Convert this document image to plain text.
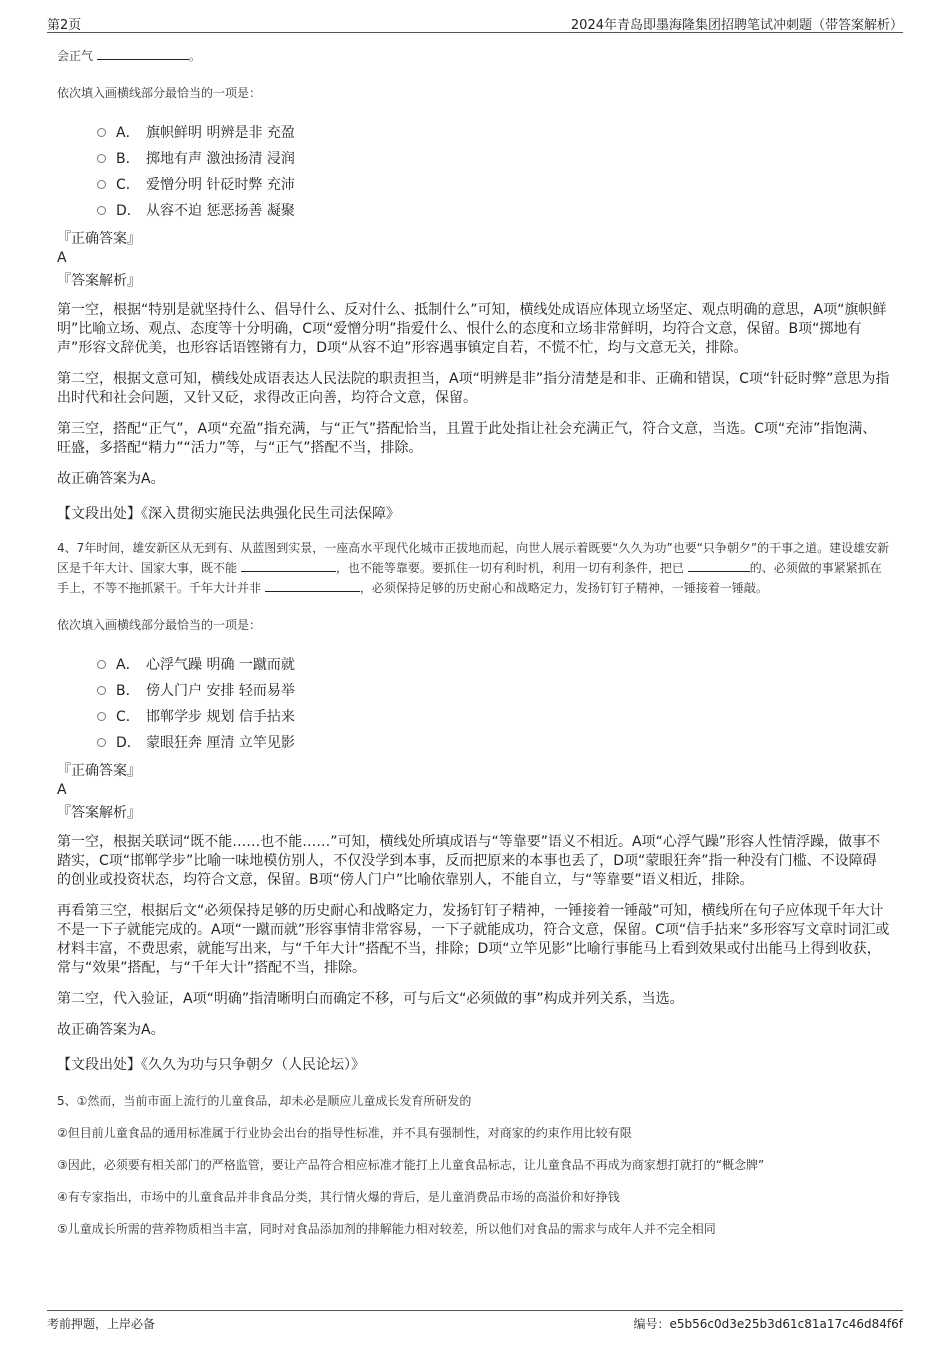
第2页	2024年青岛即墨海隆集团招聘笔试冲刺题（带答案解析）
会正气	。
依次填入画横线部分最恰当的一项是：
A． 旗帜鲜明 明辨是非 充盈
B． 掷地有声 激浊扬清 浸润
C． 爱憎分明 针砭时弊 充沛
D． 从容不迫 惩恶扬善 凝聚
『正确答案』
A
『答案解析』
第一空，根据“特别是就坚持什么、倡导什么、反对什么、抵制什么”可知，横线处成语应体现立场坚定、观点明确的意思，A项“旗帜鲜明”比喻立场、观点、态度等十分明确，C项“爱憎分明”指爱什么、恨什么的态度和立场非常鲜明，均符合文意，保留。B项“掷地有声”形容文辞优美，也形容话语铿锵有力，D项“从容不迫”形容遇事镇定自若，不慌不忙，均与文意无关，排除。
第二空，根据文意可知，横线处成语表达人民法院的职责担当，A项“明辨是非”指分清楚是和非、正确和错误，C项“针砭时弊”意思为指出时代和社会问题，又针又砭，求得改正向善，均符合文意，保留。
第三空，搭配“正气”，A项“充盈”指充满，与“正气”搭配恰当，且置于此处指让社会充满正气，符合文意，当选。C项“充沛”指饱满、旺盛，多搭配“精力”“活力”等，与“正气”搭配不当，排除。
故正确答案为A。
【文段出处】《深入贯彻实施民法典强化民生司法保障》
4、7年时间，雄安新区从无到有、从蓝图到实景，一座高水平现代化城市正拔地而起，向世人展示着既要“久久为功”也要“只争朝夕”的干事之道。建设雄安新区是千年大计、国家大事，既不能	，也不能等靠要。要抓住一切有利时机，利用一切有利条件，把已	的、必须做的事紧紧抓在手上，不等不拖抓紧干。千年大计并非	，必须保持足够的历史耐心和战略定力，发扬钉钉子精神，一锤接着一锤敲。
依次填入画横线部分最恰当的一项是：
A． 心浮气躁 明确 一蹴而就
B． 傍人门户 安排 轻而易举
C． 邯郸学步 规划 信手拈来
D． 蒙眼狂奔 厘清 立竿见影
『正确答案』
A
『答案解析』
第一空，根据关联词“既不能……也不能……”可知，横线处所填成语与“等靠要”语义不相近。A项“心浮气躁”形容人性情浮躁，做事不踏实，C项“邯郸学步”比喻一味地模仿别人，不仅没学到本事，反而把原来的本事也丢了，D项“蒙眼狂奔”指一种没有门槛、不设障碍的创业或投资状态，均符合文意，保留。B项“傍人门户”比喻依靠别人，不能自立，与“等靠要”语义相近，排除。
再看第三空，根据后文“必须保持足够的历史耐心和战略定力，发扬钉钉子精神，一锤接着一锤敲”可知，横线所在句子应体现千年大计不是一下子就能完成的。A项“一蹴而就”形容事情非常容易，一下子就能成功，符合文意，保留。C项“信手拈来”多形容写文章时词汇或材料丰富，不费思索，就能写出来，与“千年大计”搭配不当，排除；D项“立竿见影”比喻行事能马上看到效果或付出能马上得到收获，常与“效果”搭配，与“千年大计”搭配不当，排除。
第二空，代入验证，A项“明确”指清晰明白而确定不移，可与后文“必须做的事”构成并列关系，当选。
故正确答案为A。
【文段出处】《久久为功与只争朝夕（人民论坛）》
5、①然而，当前市面上流行的儿童食品，却未必是顺应儿童成长发育所研发的
②但目前儿童食品的通用标准属于行业协会出台的指导性标准，并不具有强制性，对商家的约束作用比较有限
③因此，必须要有相关部门的严格监管，要让产品符合相应标准才能打上儿童食品标志，让儿童食品不再成为商家想打就打的“概念牌”
④有专家指出，市场中的儿童食品并非食品分类，其行情火爆的背后，是儿童消费品市场的高溢价和好挣钱
⑤儿童成长所需的营养物质相当丰富，同时对食品添加剂的排解能力相对较差，所以他们对食品的需求与成年人并不完全相同
考前押题，上岸必备	编号：e5b56c0d3e25b3d61c81a17c46d84f6f
